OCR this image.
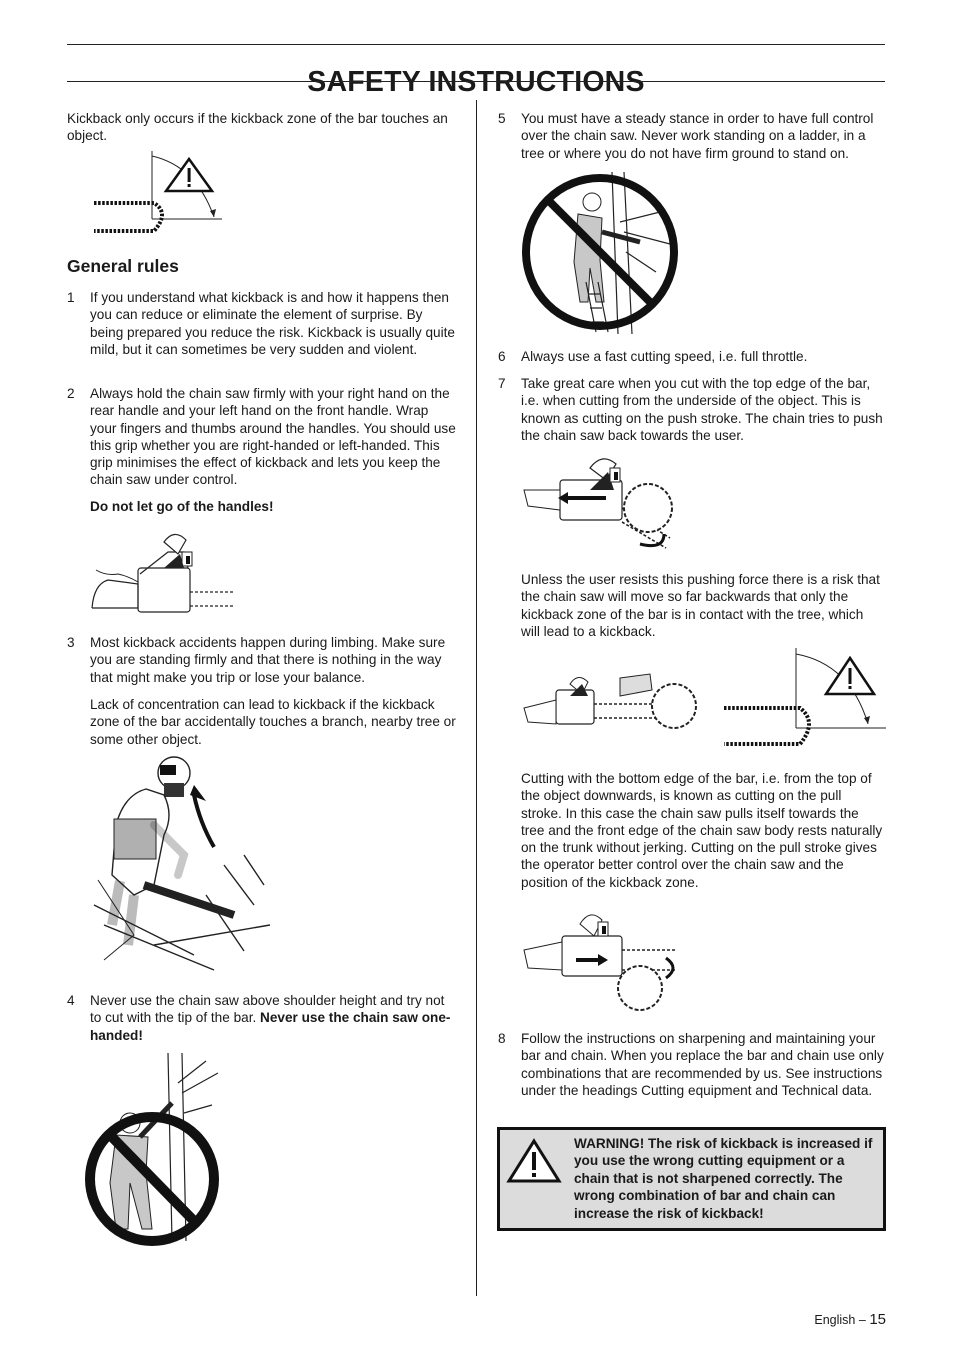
SAFETY INSTRUCTIONS

Kickback only occurs if the kickback zone of the bar touches an object.

General rules
1 If you understand what kickback is and how it happens then you can reduce or eliminate the element of surprise. By being prepared you reduce the risk. Kickback is usually quite mild, but it can sometimes be very sudden and violent.

2 Always hold the chain saw firmly with your right hand on the rear handle and your left hand on the front handle. Wrap your fingers and thumbs around the handles. You should use this grip whether you are right-handed or left-handed. This grip minimises the effect of kickback and lets you keep the chain saw under control.

Do not let go of the handles!

3 Most kickback accidents happen during limbing. Make sure you are standing firmly and that there is nothing in the way that might make you trip or lose your balance.

Lack of concentration can lead to kickback if the kickback zone of the bar accidentally touches a branch, nearby tree or some other object.

4 Never use the chain saw above shoulder height and try not to cut with the tip of the bar. Never use the chain saw one-handed!

5 You must have a steady stance in order to have full control over the chain saw. Never work standing on a ladder, in a tree or where you do not have firm ground to stand on.

6 Always use a fast cutting speed, i.e. full throttle.

7 Take great care when you cut with the top edge of the bar, i.e. when cutting from the underside of the object. This is known as cutting on the push stroke. The chain tries to push the chain saw back towards the user.

Unless the user resists this pushing force there is a risk that the chain saw will move so far backwards that only the kickback zone of the bar is in contact with the tree, which will lead to a kickback.

Cutting with the bottom edge of the bar, i.e. from the top of the object downwards, is known as cutting on the pull stroke. In this case the chain saw pulls itself towards the tree and the front edge of the chain saw body rests naturally on the trunk without jerking. Cutting on the pull stroke gives the operator better control over the chain saw and the position of the kickback zone.

8 Follow the instructions on sharpening and maintaining your bar and chain. When you replace the bar and chain use only combinations that are recommended by us. See instructions under the headings Cutting equipment and Technical data.

WARNING! The risk of kickback is increased if you use the wrong cutting equipment or a chain that is not sharpened correctly. The wrong combination of bar and chain can increase the risk of kickback!
English – 15
